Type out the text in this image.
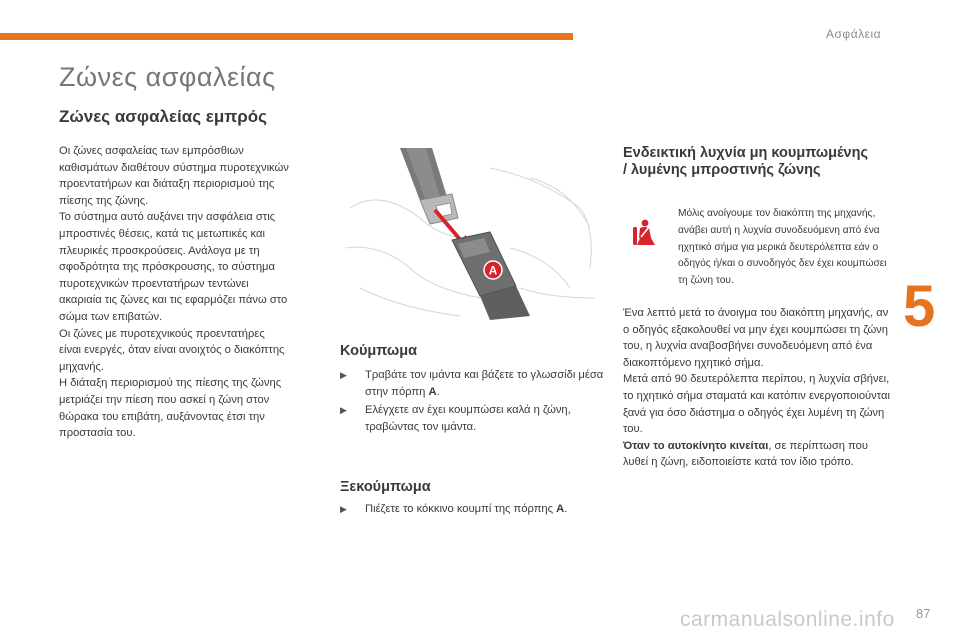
Ασφάλεια
5
Ζώνες ασφαλείας
Ζώνες ασφαλείας εμπρός

Οι ζώνες ασφαλείας των εμπρόσθιων

καθισμάτων διαθέτουν σύστημα πυροτεχνικών

προεντατήρων και διάταξη περιορισμού της

πίεσης της ζώνης.

Το σύστημα αυτό αυξάνει την ασφάλεια στις

μπροστινές θέσεις, κατά τις μετωπικές και

πλευρικές προσκρούσεις. Ανάλογα με τη

σφοδρότητα της πρόσκρουσης, το σύστημα

πυροτεχνικών προεντατήρων τεντώνει

ακαριαία τις ζώνες και τις εφαρμόζει πάνω στο

σώμα των επιβατών.

Οι ζώνες με πυροτεχνικούς προεντατήρες

είναι ενεργές, όταν είναι ανοιχτός ο διακόπτης

μηχανής.

Η διάταξη περιορισμού της πίεσης της ζώνης

μετριάζει την πίεση που ασκεί η ζώνη στον

θώρακα του επιβάτη, αυξάνοντας έτσι την

προστασία του.

A
Κούμπωμα
▶ Τραβάτε τον ιμάντα και βάζετε το γλωσσίδι μέσα στην πόρπη A.
▶ Ελέγχετε αν έχει κουμπώσει καλά η ζώνη, τραβώντας τον ιμάντα.
Ξεκούμπωμα
▶ Πιέζετε το κόκκινο κουμπί της πόρπης A.
Ενδεικτική λυχνία μη κουμπωμένης / λυμένης μπροστινής ζώνης
Μόλις ανοίγουμε τον διακόπτη της μηχανής, ανάβει αυτή η λυχνία συνοδευόμενη από ένα ηχητικό σήμα για μερικά δευτερόλεπτα εάν ο οδηγός ή/και ο συνοδηγός δεν έχει κουμπώσει τη ζώνη του.

Ένα λεπτό μετά το άνοιγμα του διακόπτη μηχανής, αν ο οδηγός εξακολουθεί να μην έχει κουμπώσει τη ζώνη του, η λυχνία αναβοσβήνει συνοδευόμενη από ένα διακοπτόμενο ηχητικό σήμα.

Μετά από 90 δευτερόλεπτα περίπου, η λυχνία σβήνει, το ηχητικό σήμα σταματά και κατόπιν ενεργοποιούνται ξανά για όσο διάστημα ο οδηγός έχει λυμένη τη ζώνη του.

Όταν το αυτοκίνητο κινείται, σε περίπτωση που λυθεί η ζώνη, ειδοποιείστε κατά τον ίδιο τρόπο.

carmanualsonline.info 87
